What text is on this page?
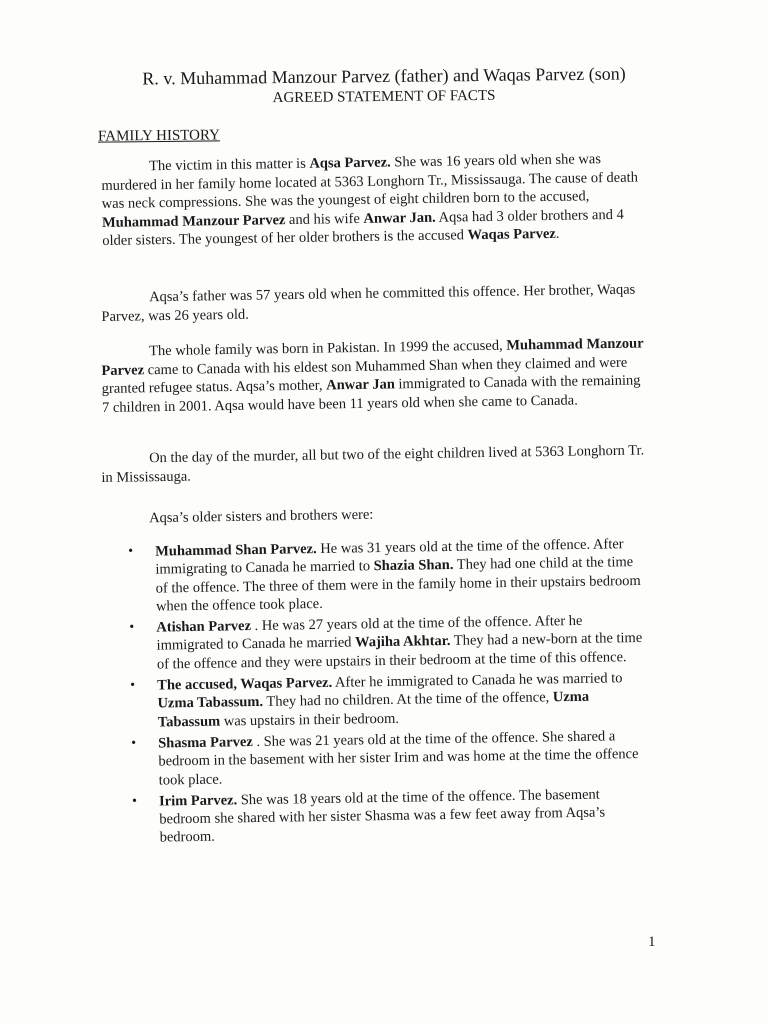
R. v. Muhammad Manzour Parvez (father) and Waqas Parvez (son)
AGREED STATEMENT OF FACTS
FAMILY HISTORY

The victim in this matter is Aqsa Parvez. She was 16 years old when she was murdered in her family home located at 5363 Longhorn Tr., Mississauga. The cause of death was neck compressions. She was the youngest of eight children born to the accused, Muhammad Manzour Parvez and his wife Anwar Jan. Aqsa had 3 older brothers and 4 older sisters. The youngest of her older brothers is the accused Waqas Parvez.

Aqsa’s father was 57 years old when he committed this offence. Her brother, Waqas Parvez, was 26 years old.

The whole family was born in Pakistan. In 1999 the accused, Muhammad Manzour Parvez came to Canada with his eldest son Muhammed Shan when they claimed and were granted refugee status. Aqsa’s mother, Anwar Jan immigrated to Canada with the remaining 7 children in 2001. Aqsa would have been 11 years old when she came to Canada.

On the day of the murder, all but two of the eight children lived at 5363 Longhorn Tr. in Mississauga.

Aqsa’s older sisters and brothers were:

• Muhammad Shan Parvez. He was 31 years old at the time of the offence. After immigrating to Canada he married to Shazia Shan. They had one child at the time of the offence. The three of them were in the family home in their upstairs bedroom when the offence took place.
• Atishan Parvez . He was 27 years old at the time of the offence. After he immigrated to Canada he married Wajiha Akhtar. They had a new-born at the time of the offence and they were upstairs in their bedroom at the time of this offence.
• The accused, Waqas Parvez. After he immigrated to Canada he was married to Uzma Tabassum. They had no children. At the time of the offence, Uzma Tabassum was upstairs in their bedroom.
• Shasma Parvez . She was 21 years old at the time of the offence. She shared a bedroom in the basement with her sister Irim and was home at the time the offence took place.
• Irim Parvez. She was 18 years old at the time of the offence. The basement bedroom she shared with her sister Shasma was a few feet away from Aqsa’s bedroom.
1
